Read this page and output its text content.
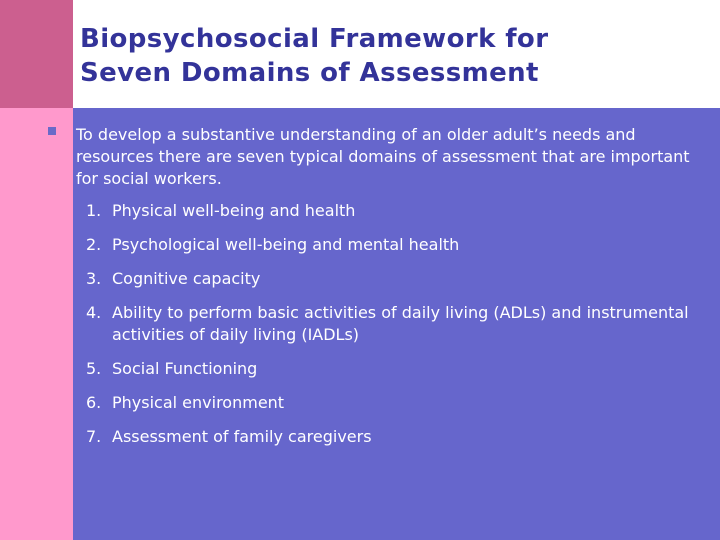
Biopsychosocial Framework for
Seven Domains of Assessment

To develop a substantive understanding of an older adult’s needs and resources there are seven typical domains of assessment that are important for social workers.

1. Physical well-being and health
2. Psychological well-being and mental health
3. Cognitive capacity
4. Ability to perform basic activities of daily living (ADLs) and instrumental activities of daily living (IADLs)
5. Social Functioning
6. Physical environment
7. Assessment of family caregivers
